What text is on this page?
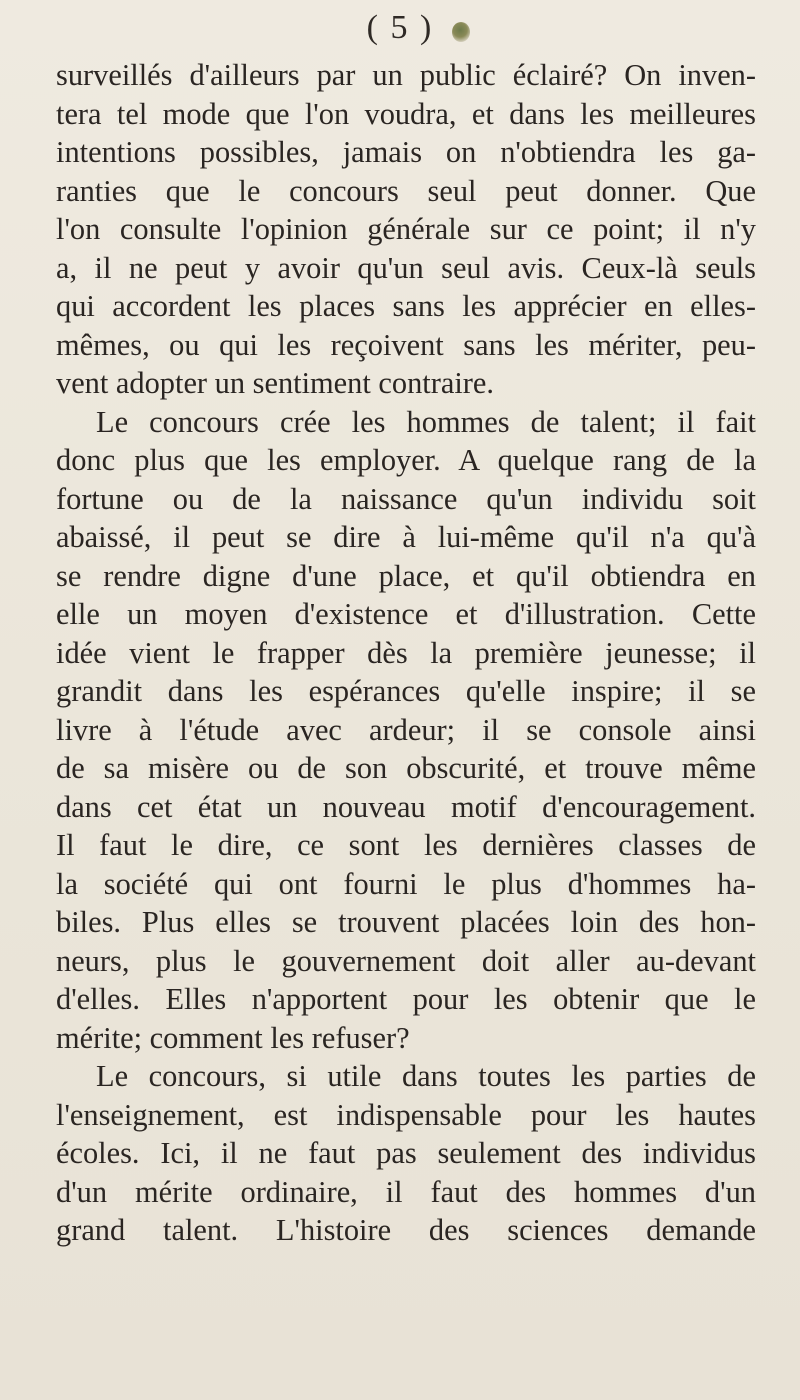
( 5 )
surveillés d'ailleurs par un public éclairé? On inven-
tera tel mode que l'on voudra, et dans les meilleures
intentions possibles, jamais on n'obtiendra les ga-
ranties que le concours seul peut donner. Que
l'on consulte l'opinion générale sur ce point; il n'y
a, il ne peut y avoir qu'un seul avis. Ceux-là seuls
qui accordent les places sans les apprécier en elles-
mêmes, ou qui les reçoivent sans les mériter, peu-
vent adopter un sentiment contraire.
Le concours crée les hommes de talent; il fait
donc plus que les employer. A quelque rang de la
fortune ou de la naissance qu'un individu soit
abaissé, il peut se dire à lui-même qu'il n'a qu'à
se rendre digne d'une place, et qu'il obtiendra en
elle un moyen d'existence et d'illustration. Cette
idée vient le frapper dès la première jeunesse; il
grandit dans les espérances qu'elle inspire; il se
livre à l'étude avec ardeur; il se console ainsi
de sa misère ou de son obscurité, et trouve même
dans cet état un nouveau motif d'encouragement.
Il faut le dire, ce sont les dernières classes de
la société qui ont fourni le plus d'hommes ha-
biles. Plus elles se trouvent placées loin des hon-
neurs, plus le gouvernement doit aller au-devant
d'elles. Elles n'apportent pour les obtenir que le
mérite; comment les refuser?
Le concours, si utile dans toutes les parties de
l'enseignement, est indispensable pour les hautes
écoles. Ici, il ne faut pas seulement des individus
d'un mérite ordinaire, il faut des hommes d'un
grand talent. L'histoire des sciences demande
